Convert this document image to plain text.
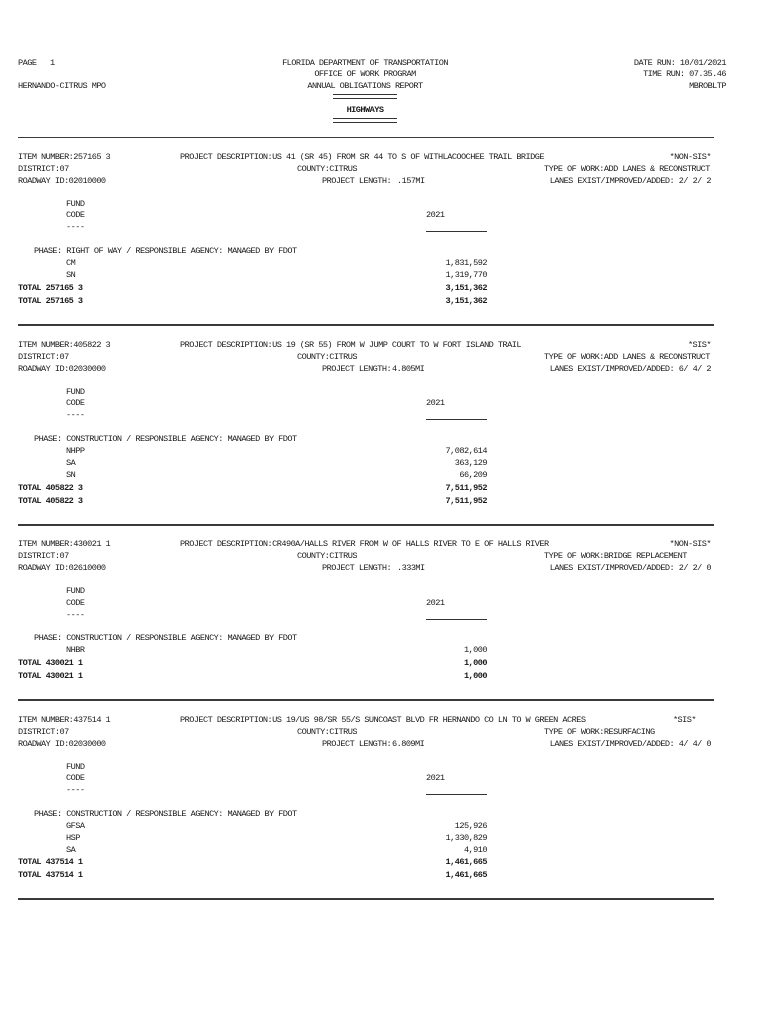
PAGE 1
HERNANDO-CITRUS MPO
FLORIDA DEPARTMENT OF TRANSPORTATION
OFFICE OF WORK PROGRAM
ANNUAL OBLIGATIONS REPORT
HIGHWAYS
DATE RUN: 10/01/2021
TIME RUN: 07.35.46
MBROBLTP
ITEM NUMBER:257165 3
DISTRICT:07
ROADWAY ID:02010000
PROJECT DESCRIPTION:US 41 (SR 45) FROM SR 44 TO S OF WITHLACOOCHEE TRAIL BRIDGE
COUNTY:CITRUS
PROJECT LENGTH: .157MI
*NON-SIS*
TYPE OF WORK:ADD LANES & RECONSTRUCT
LANES EXIST/IMPROVED/ADDED: 2/ 2/ 2
FUND
CODE
----
2021
PHASE: RIGHT OF WAY / RESPONSIBLE AGENCY: MANAGED BY FDOT
CM	1,831,592
SN	1,319,770
TOTAL 257165 3	3,151,362
TOTAL 257165 3	3,151,362
ITEM NUMBER:405822 3
DISTRICT:07
ROADWAY ID:02030000
PROJECT DESCRIPTION:US 19 (SR 55) FROM W JUMP COURT TO W FORT ISLAND TRAIL
COUNTY:CITRUS
PROJECT LENGTH: 4.805MI
*SIS*
TYPE OF WORK:ADD LANES & RECONSTRUCT
LANES EXIST/IMPROVED/ADDED: 6/ 4/ 2
FUND
CODE
----
2021
PHASE: CONSTRUCTION / RESPONSIBLE AGENCY: MANAGED BY FDOT
NHPP	7,082,614
SA	363,129
SN	66,209
TOTAL 405822 3	7,511,952
TOTAL 405822 3	7,511,952
ITEM NUMBER:430021 1
DISTRICT:07
ROADWAY ID:02610000
PROJECT DESCRIPTION:CR490A/HALLS RIVER FROM W OF HALLS RIVER TO E OF HALLS RIVER
COUNTY:CITRUS
PROJECT LENGTH: .333MI
*NON-SIS*
TYPE OF WORK:BRIDGE REPLACEMENT
LANES EXIST/IMPROVED/ADDED: 2/ 2/ 0
FUND
CODE
----
2021
PHASE: CONSTRUCTION / RESPONSIBLE AGENCY: MANAGED BY FDOT
NHBR	1,000
TOTAL 430021 1	1,000
TOTAL 430021 1	1,000
ITEM NUMBER:437514 1
DISTRICT:07
ROADWAY ID:02030000
PROJECT DESCRIPTION:US 19/US 98/SR 55/S SUNCOAST BLVD FR HERNANDO CO LN TO W GREEN ACRES
COUNTY:CITRUS
PROJECT LENGTH: 6.809MI
*SIS*
TYPE OF WORK:RESURFACING
LANES EXIST/IMPROVED/ADDED: 4/ 4/ 0
FUND
CODE
----
2021
PHASE: CONSTRUCTION / RESPONSIBLE AGENCY: MANAGED BY FDOT
GFSA	125,926
HSP	1,330,829
SA	4,910
TOTAL 437514 1	1,461,665
TOTAL 437514 1	1,461,665
